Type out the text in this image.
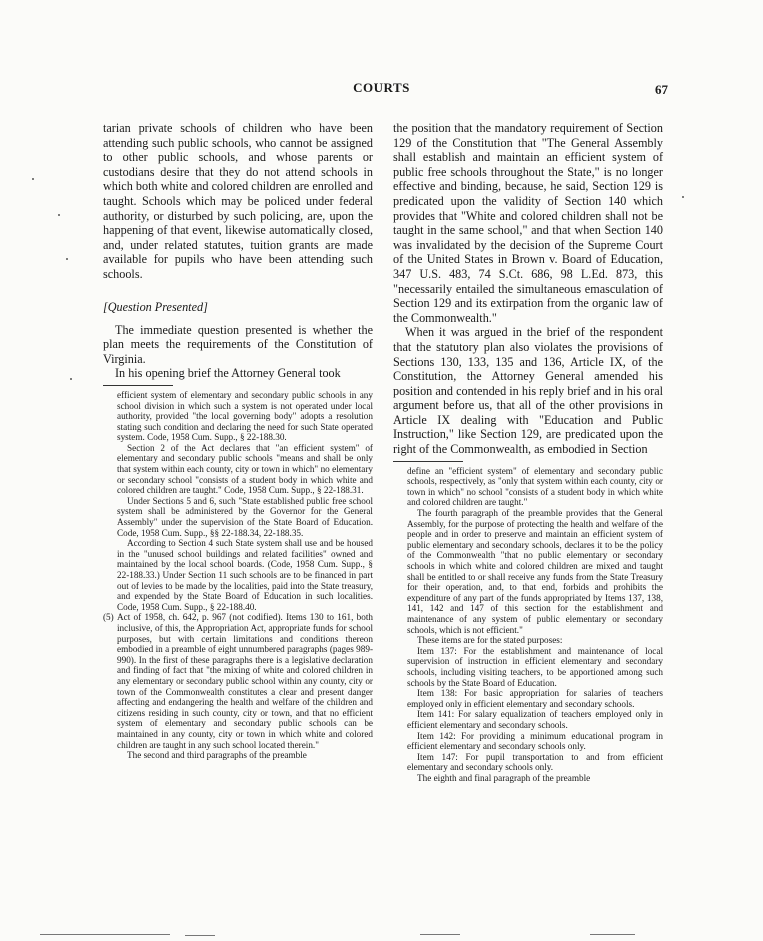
COURTS	67

tarian private schools of children who have been attending such public schools, who cannot be assigned to other public schools, and whose parents or custodians desire that they do not attend schools in which both white and colored children are enrolled and taught. Schools which may be policed under federal authority, or disturbed by such policing, are, upon the happening of that event, likewise automatically closed, and, under related statutes, tuition grants are made available for pupils who have been attending such schools.

[Question Presented]

The immediate question presented is whether the plan meets the requirements of the Constitution of Virginia.

In his opening brief the Attorney General took

efficient system of elementary and secondary public schools in any school division in which such a system is not operated under local authority, provided "the local governing body" adopts a resolution stating such condition and declaring the need for such State operated system. Code, 1958 Cum. Supp., § 22-188.30.

Section 2 of the Act declares that "an efficient system" of elementary and secondary public schools "means and shall be only that system within each county, city or town in which" no elementary or secondary school "consists of a student body in which white and colored children are taught." Code, 1958 Cum. Supp., § 22-188.31.

Under Sections 5 and 6, such "State established public free school system shall be administered by the Governor for the General Assembly" under the supervision of the State Board of Education. Code, 1958 Cum. Supp., §§ 22-188.34, 22-188.35.

According to Section 4 such State system shall use and be housed in the "unused school buildings and related facilities" owned and maintained by the local school boards. (Code, 1958 Cum. Supp., § 22-188.33.) Under Section 11 such schools are to be financed in part out of levies to be made by the localities, paid into the State treasury, and expended by the State Board of Education in such localities. Code, 1958 Cum. Supp., § 22-188.40.

(5) Act of 1958, ch. 642, p. 967 (not codified). Items 130 to 161, both inclusive, of this, the Appropriation Act, appropriate funds for school purposes, but with certain limitations and conditions thereon embodied in a preamble of eight unnumbered paragraphs (pages 989-990). In the first of these paragraphs there is a legislative declaration and finding of fact that "the mixing of white and colored children in any elementary or secondary public school within any county, city or town of the Commonwealth constitutes a clear and present danger affecting and endangering the health and welfare of the children and citizens residing in such county, city or town, and that no efficient system of elementary and secondary public schools can be maintained in any county, city or town in which white and colored children are taught in any such school located therein."

The second and third paragraphs of the preamble

the position that the mandatory requirement of Section 129 of the Constitution that "The General Assembly shall establish and maintain an efficient system of public free schools throughout the State," is no longer effective and binding, because, he said, Section 129 is predicated upon the validity of Section 140 which provides that "White and colored children shall not be taught in the same school," and that when Section 140 was invalidated by the decision of the Supreme Court of the United States in Brown v. Board of Education, 347 U.S. 483, 74 S.Ct. 686, 98 L.Ed. 873, this "necessarily entailed the simultaneous emasculation of Section 129 and its extirpation from the organic law of the Commonwealth."

When it was argued in the brief of the respondent that the statutory plan also violates the provisions of Sections 130, 133, 135 and 136, Article IX, of the Constitution, the Attorney General amended his position and contended in his reply brief and in his oral argument before us, that all of the other provisions in Article IX dealing with "Education and Public Instruction," like Section 129, are predicated upon the right of the Commonwealth, as embodied in Section

define an "efficient system" of elementary and secondary public schools, respectively, as "only that system within each county, city or town in which" no school "consists of a student body in which white and colored children are taught."

The fourth paragraph of the preamble provides that the General Assembly, for the purpose of protecting the health and welfare of the people and in order to preserve and maintain an efficient system of public elementary and secondary schools, declares it to be the policy of the Commonwealth "that no public elementary or secondary schools in which white and colored children are mixed and taught shall be entitled to or shall receive any funds from the State Treasury for their operation, and, to that end, forbids and prohibits the expenditure of any part of the funds appropriated by Items 137, 138, 141, 142 and 147 of this section for the establishment and maintenance of any system of public elementary or secondary schools, which is not efficient."

These items are for the stated purposes:

Item 137: For the establishment and maintenance of local supervision of instruction in efficient elementary and secondary schools, including visiting teachers, to be apportioned among such schools by the State Board of Education.

Item 138: For basic appropriation for salaries of teachers employed only in efficient elementary and secondary schools.

Item 141: For salary equalization of teachers employed only in efficient elementary and secondary schools.

Item 142: For providing a minimum educational program in efficient elementary and secondary schools only.

Item 147: For pupil transportation to and from efficient elementary and secondary schools only.

The eighth and final paragraph of the preamble
